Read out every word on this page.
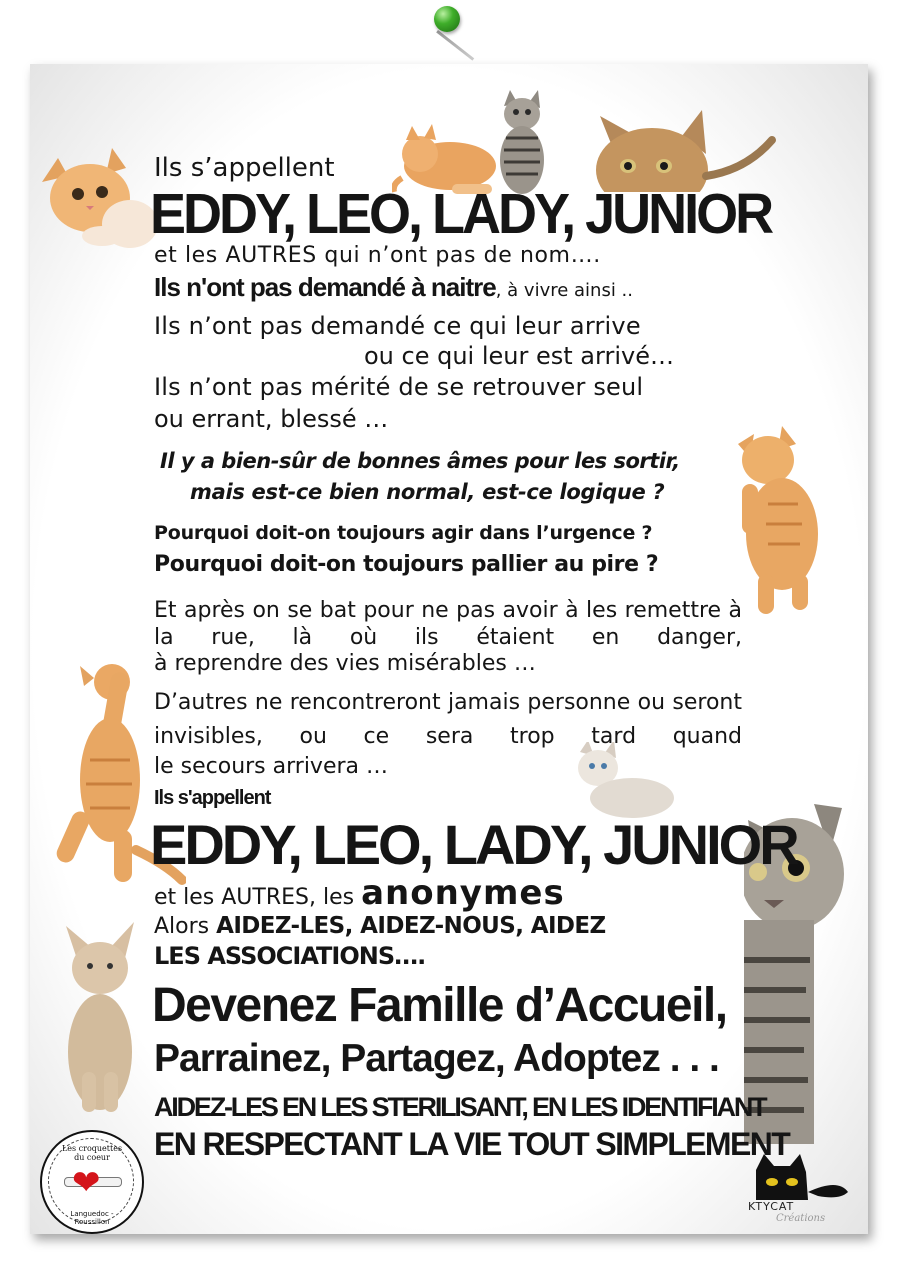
Ils s’appellent
EDDY, LEO, LADY, JUNIOR
et les AUTRES qui n’ont pas de nom….
Ils n'ont pas demandé à naitre, à vivre ainsi ..
Ils n’ont pas demandé ce qui leur arrive
ou ce qui leur est arrivé…
Ils n’ont pas mérité de se retrouver seul
ou errant, blessé …
Il y a bien-sûr de bonnes âmes pour les sortir,
mais est-ce bien normal, est-ce logique ?
Pourquoi doit-on toujours agir dans l’urgence ?
Pourquoi doit-on toujours pallier au pire ?
Et après on se bat pour ne pas avoir à les remettre à la rue, là où ils étaient en danger,
à reprendre des vies misérables …
D’autres ne rencontreront jamais personne ou seront invisibles, ou ce sera trop tard quand
le secours arrivera …
Ils s'appellent
EDDY, LEO, LADY, JUNIOR
et les AUTRES, les anonymes
Alors AIDEZ-LES, AIDEZ-NOUS, AIDEZ
LES ASSOCIATIONS….
Devenez Famille d’Accueil,
Parrainez, Partagez, Adoptez . . .
AIDEZ-LES EN LES STERILISANT, EN LES IDENTIFIANT
EN RESPECTANT LA VIE TOUT SIMPLEMENT
Les croquettes du coeur
❤
Languedoc - Roussillon
KTYCAT
Créations
